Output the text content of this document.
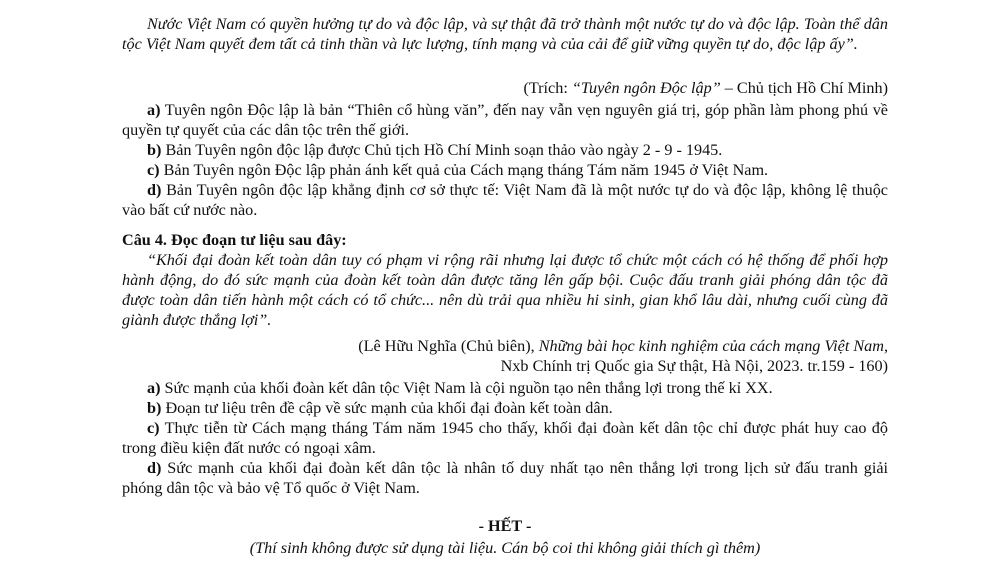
Nước Việt Nam có quyền hưởng tự do và độc lập, và sự thật đã trở thành một nước tự do và độc lập. Toàn thể dân tộc Việt Nam quyết đem tất cả tinh thần và lực lượng, tính mạng và của cải để giữ vững quyền tự do, độc lập ấy”.

(Trích: “Tuyên ngôn Độc lập” – Chủ tịch Hồ Chí Minh)

a) Tuyên ngôn Độc lập là bản “Thiên cổ hùng văn”, đến nay vẫn vẹn nguyên giá trị, góp phần làm phong phú về quyền tự quyết của các dân tộc trên thế giới.

b) Bản Tuyên ngôn độc lập được Chủ tịch Hồ Chí Minh soạn thảo vào ngày 2 - 9 - 1945.

c) Bản Tuyên ngôn Độc lập phản ánh kết quả của Cách mạng tháng Tám năm 1945 ở Việt Nam.

d) Bản Tuyên ngôn độc lập khẳng định cơ sở thực tế: Việt Nam đã là một nước tự do và độc lập, không lệ thuộc vào bất cứ nước nào.

Câu 4. Đọc đoạn tư liệu sau đây:

“Khối đại đoàn kết toàn dân tuy có phạm vi rộng rãi nhưng lại được tổ chức một cách có hệ thống để phối hợp hành động, do đó sức mạnh của đoàn kết toàn dân được tăng lên gấp bội. Cuộc đấu tranh giải phóng dân tộc đã được toàn dân tiến hành một cách có tổ chức... nên dù trải qua nhiều hi sinh, gian khổ lâu dài, nhưng cuối cùng đã giành được thắng lợi”.

(Lê Hữu Nghĩa (Chủ biên), Những bài học kinh nghiệm của cách mạng Việt Nam,

Nxb Chính trị Quốc gia Sự thật, Hà Nội, 2023. tr.159 - 160)

a) Sức mạnh của khối đoàn kết dân tộc Việt Nam là cội nguồn tạo nên thắng lợi trong thế kỉ XX.

b) Đoạn tư liệu trên đề cập về sức mạnh của khối đại đoàn kết toàn dân.

c) Thực tiễn từ Cách mạng tháng Tám năm 1945 cho thấy, khối đại đoàn kết dân tộc chỉ được phát huy cao độ trong điều kiện đất nước có ngoại xâm.

d) Sức mạnh của khối đại đoàn kết dân tộc là nhân tố duy nhất tạo nên thắng lợi trong lịch sử đấu tranh giải phóng dân tộc và bảo vệ Tổ quốc ở Việt Nam.

- HẾT -

(Thí sinh không được sử dụng tài liệu. Cán bộ coi thi không giải thích gì thêm)
